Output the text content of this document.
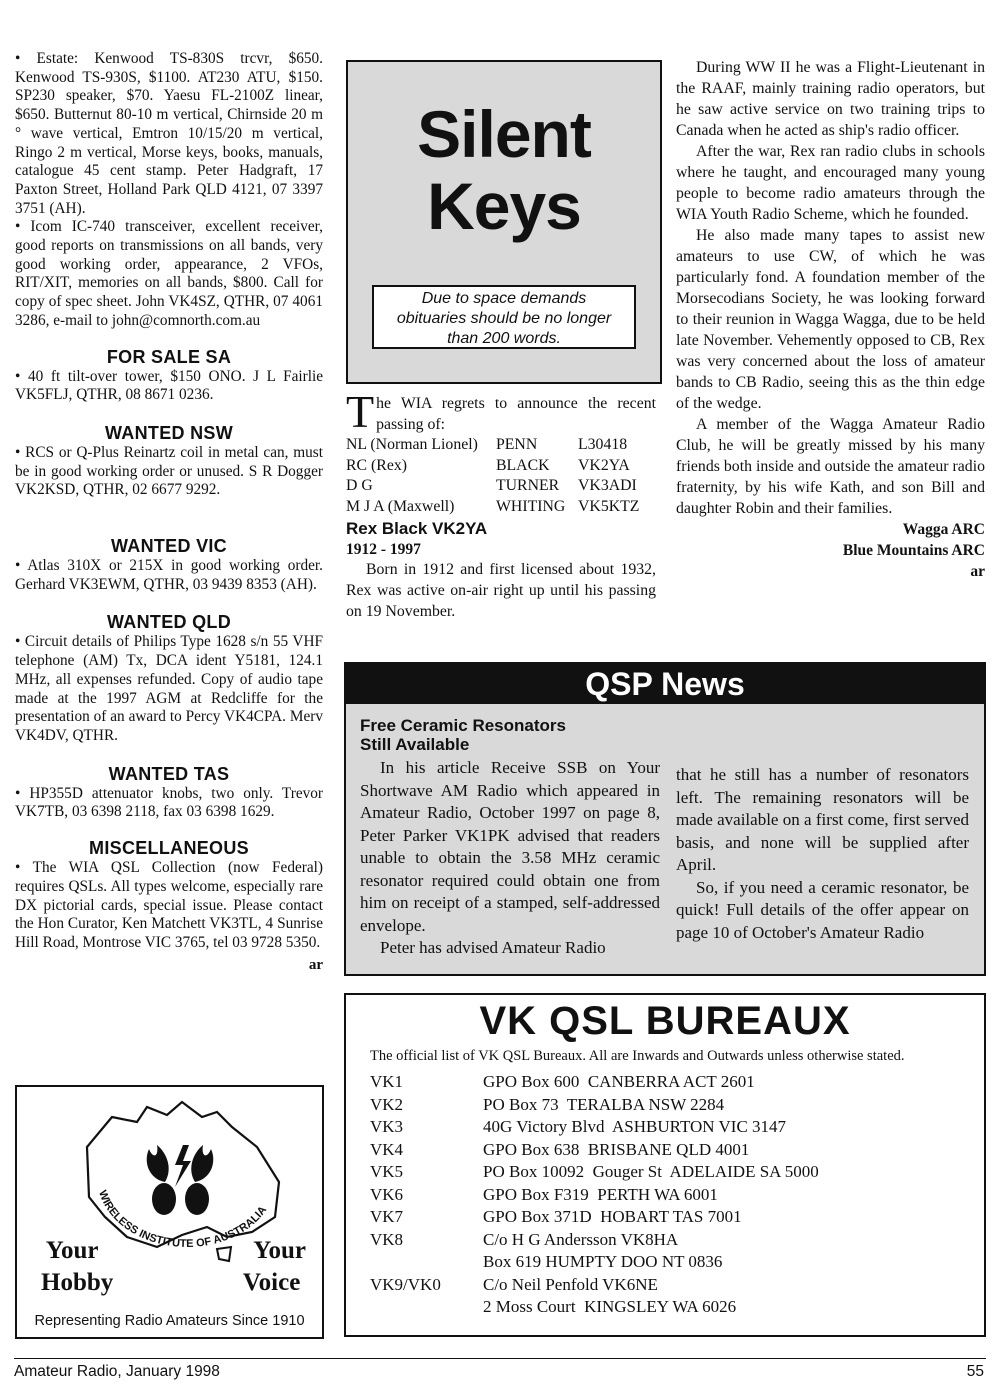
• Estate: Kenwood TS-830S trcvr, $650. Kenwood TS-930S, $1100. AT230 ATU, $150. SP230 speaker, $70. Yaesu FL-2100Z linear, $650. Butternut 80-10 m vertical, Chirnside 20 m ° wave vertical, Emtron 10/15/20 m vertical, Ringo 2 m vertical, Morse keys, books, manuals, catalogue 45 cent stamp. Peter Hadgraft, 17 Paxton Street, Holland Park QLD 4121, 07 3397 3751 (AH).

• Icom IC-740 transceiver, excellent receiver, good reports on transmissions on all bands, very good working order, appearance, 2 VFOs, RIT/XIT, memories on all bands, $800. Call for copy of spec sheet. John VK4SZ, QTHR, 07 4061 3286, e-mail to john@comnorth.com.au

FOR SALE SA

• 40 ft tilt-over tower, $150 ONO. J L Fairlie VK5FLJ, QTHR, 08 8671 0236.

WANTED NSW

• RCS or Q-Plus Reinartz coil in metal can, must be in good working order or unused. S R Dogger VK2KSD, QTHR, 02 6677 9292.

WANTED VIC

• Atlas 310X or 215X in good working order. Gerhard VK3EWM, QTHR, 03 9439 8353 (AH).

WANTED QLD

• Circuit details of Philips Type 1628 s/n 55 VHF telephone (AM) Tx, DCA ident Y5181, 124.1 MHz, all expenses refunded. Copy of audio tape made at the 1997 AGM at Redcliffe for the presentation of an award to Percy VK4CPA. Merv VK4DV, QTHR.

WANTED TAS

• HP355D attenuator knobs, two only. Trevor VK7TB, 03 6398 2118, fax 03 6398 1629.

MISCELLANEOUS

• The WIA QSL Collection (now Federal) requires QSLs. All types welcome, especially rare DX pictorial cards, special issue. Please contact the Hon Curator, Ken Matchett VK3TL, 4 Sunrise Hill Road, Montrose VIC 3765, tel 03 9728 5350.

ar

WIRELESS INSTITUTE OF AUSTRALIA
Your
Hobby
Your
Voice
Representing Radio Amateurs Since 1910
Silent
Keys
Due to space demands obituaries should be no longer than 200 words.
T he WIA regrets to announce the recent passing of:

NL (Norman Lionel)	PENN	L30418
RC (Rex)	BLACK	VK2YA
D G	TURNER	VK3ADI
M J A (Maxwell)	WHITING	VK5KTZ

Rex Black VK2YA

1912 - 1997

Born in 1912 and first licensed about 1932, Rex was active on-air right up until his passing on 19 November.

During WW II he was a Flight-Lieutenant in the RAAF, mainly training radio operators, but he saw active service on two training trips to Canada when he acted as ship's radio officer.

After the war, Rex ran radio clubs in schools where he taught, and encouraged many young people to become radio amateurs through the WIA Youth Radio Scheme, which he founded.

He also made many tapes to assist new amateurs to use CW, of which he was particularly fond. A foundation member of the Morsecodians Society, he was looking forward to their reunion in Wagga Wagga, due to be held late November. Vehemently opposed to CB, Rex was very concerned about the loss of amateur bands to CB Radio, seeing this as the thin edge of the wedge.

A member of the Wagga Amateur Radio Club, he will be greatly missed by his many friends both inside and outside the amateur radio fraternity, by his wife Kath, and son Bill and daughter Robin and their families.

Wagga ARC

Blue Mountains ARC

ar

QSP News

Free Ceramic Resonators
Still Available

In his article Receive SSB on Your Shortwave AM Radio which appeared in Amateur Radio, October 1997 on page 8, Peter Parker VK1PK advised that readers unable to obtain the 3.58 MHz ceramic resonator required could obtain one from him on receipt of a stamped, self-addressed envelope.

Peter has advised Amateur Radio

that he still has a number of resonators left. The remaining resonators will be made available on a first come, first served basis, and none will be supplied after April.

So, if you need a ceramic resonator, be quick! Full details of the offer appear on page 10 of October's Amateur Radio

VK QSL BUREAUX
The official list of VK QSL Bureaux. All are Inwards and Outwards unless otherwise stated.
VK1	GPO Box 600  CANBERRA ACT 2601
VK2	PO Box 73  TERALBA NSW 2284
VK3	40G Victory Blvd  ASHBURTON VIC 3147
VK4	GPO Box 638  BRISBANE QLD 4001
VK5	PO Box 10092  Gouger St  ADELAIDE SA 5000
VK6	GPO Box F319  PERTH WA 6001
VK7	GPO Box 371D  HOBART TAS 7001
VK8	C/o H G Andersson VK8HA
	Box 619 HUMPTY DOO NT 0836
VK9/VK0	C/o Neil Penfold VK6NE
	2 Moss Court  KINGSLEY WA 6026
Amateur Radio, January 1998	55
